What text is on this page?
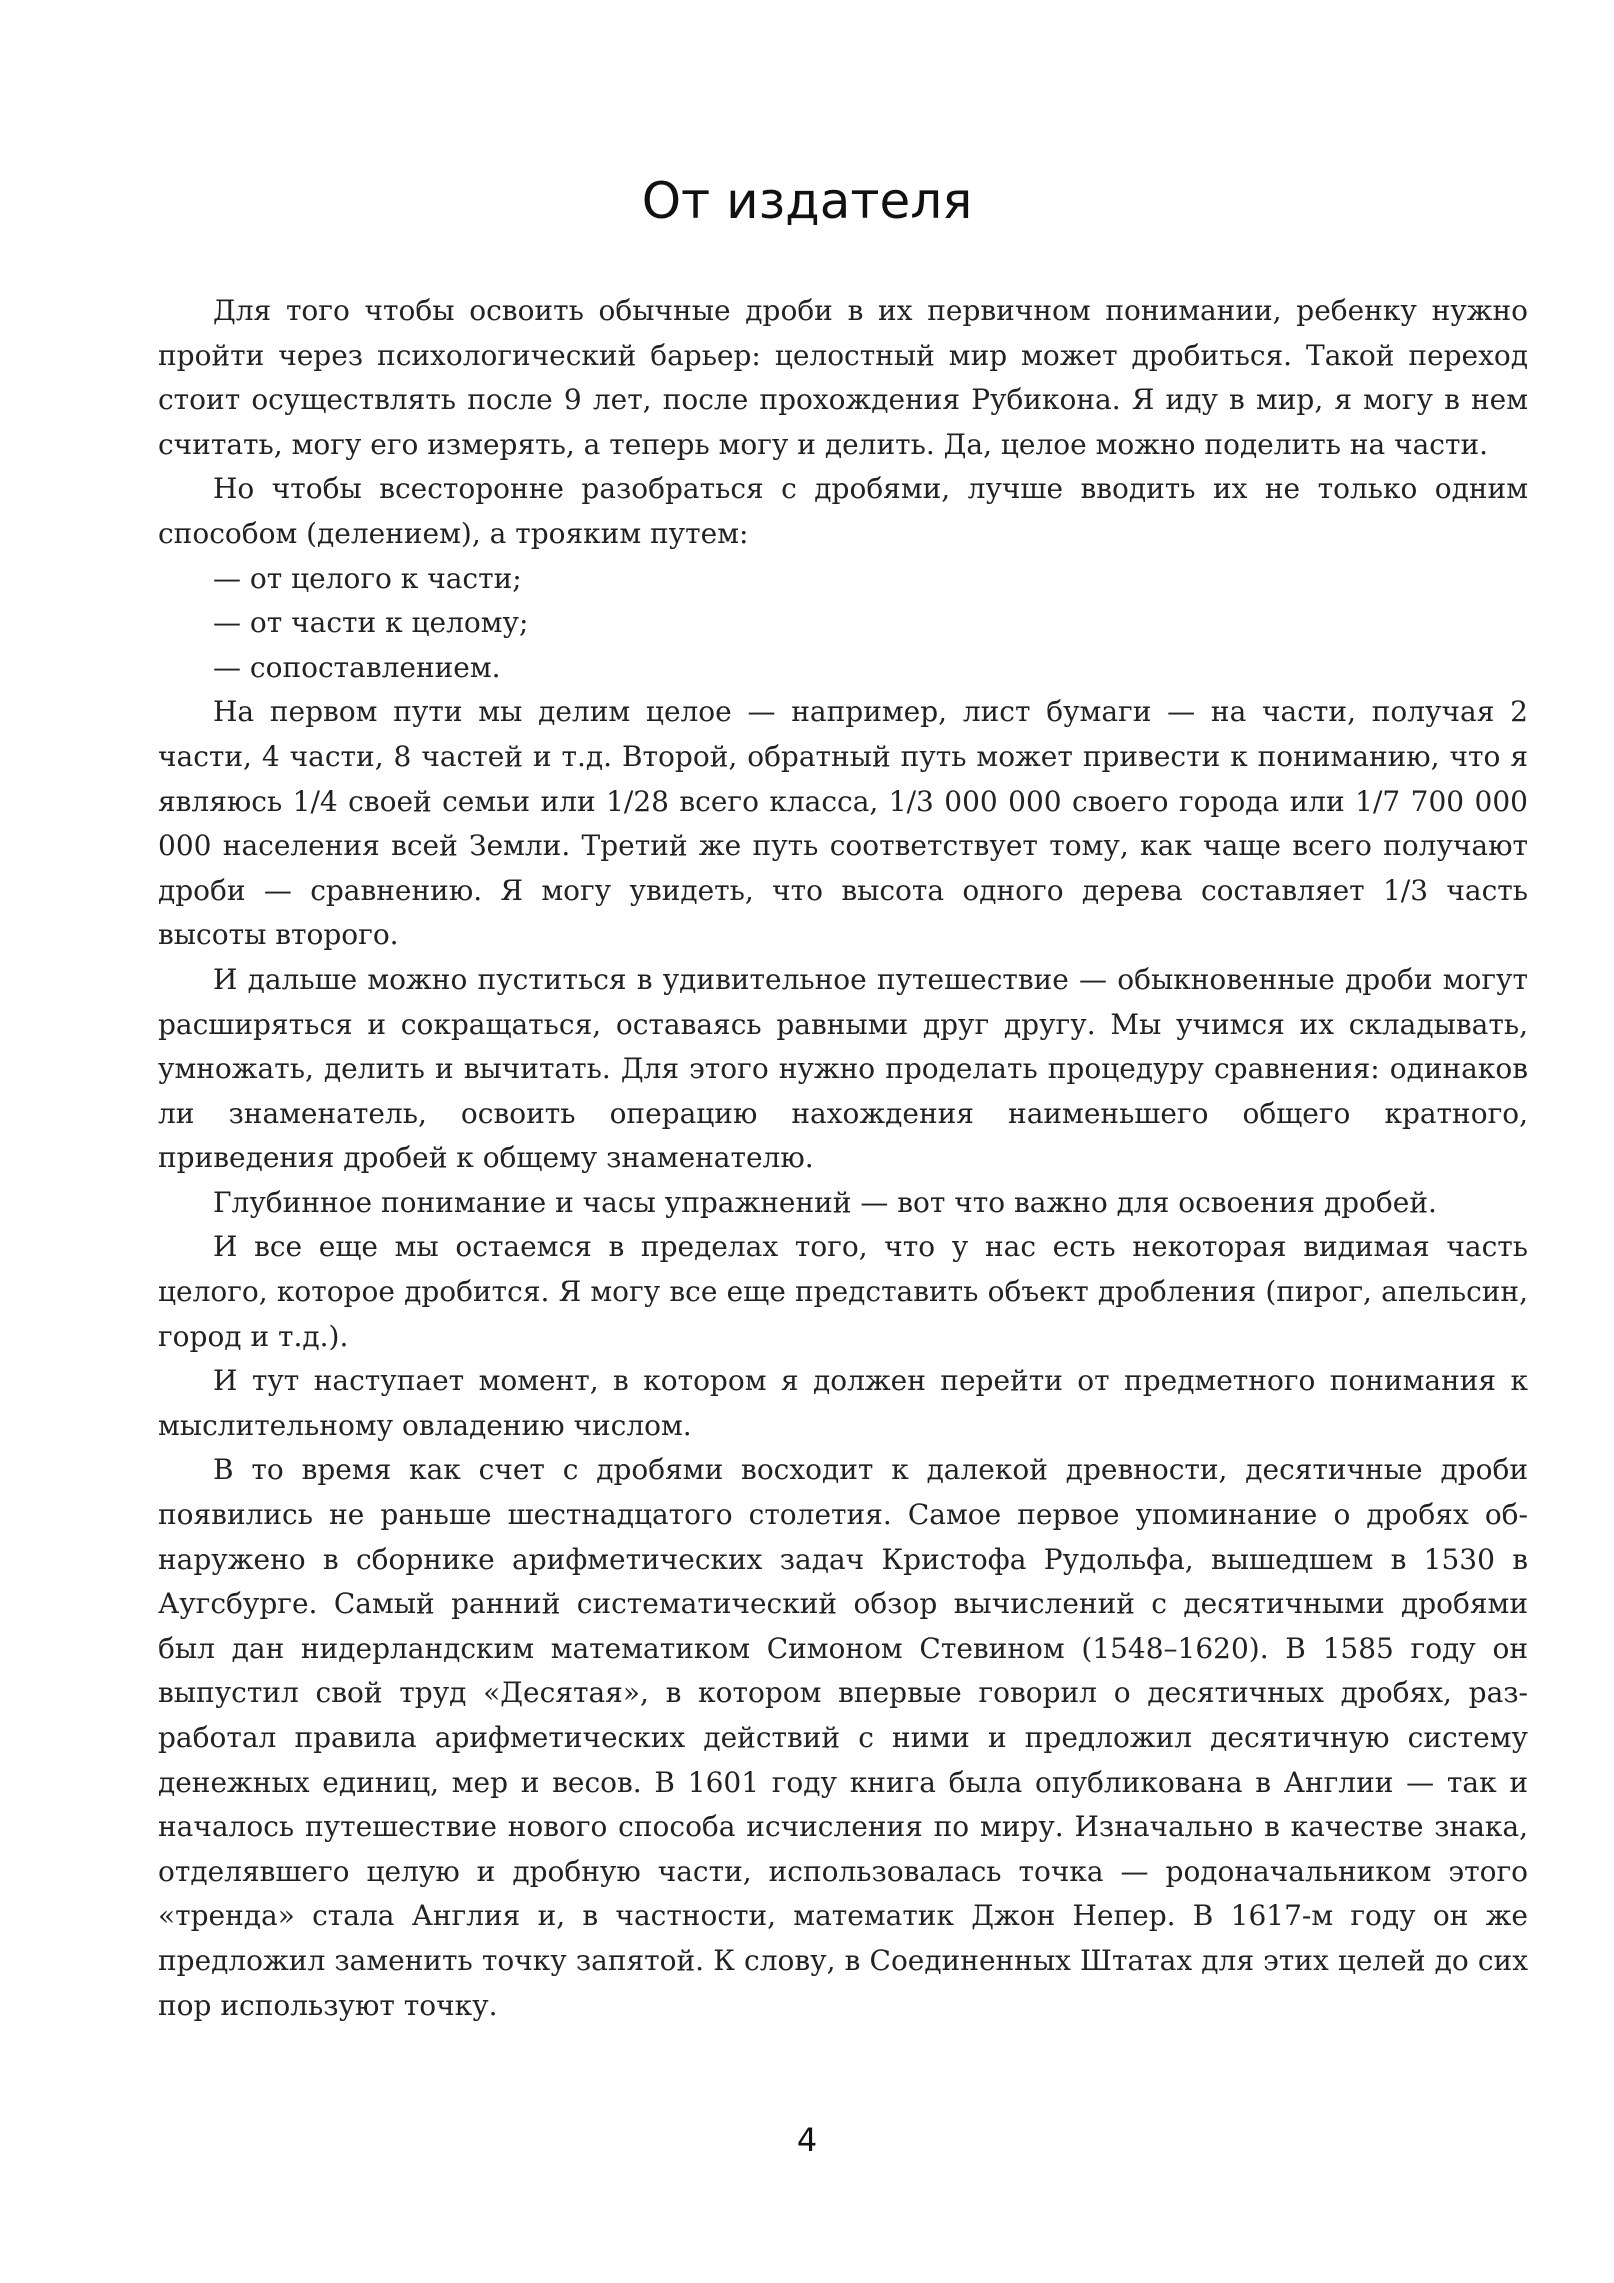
От издателя

Для того чтобы освоить обычные дроби в их первичном понимании, ребенку нужно пройти через психологический барьер: целостный мир может дробиться. Такой переход стоит осуществлять после 9 лет, после прохождения Рубикона. Я иду в мир, я могу в нем считать, могу его измерять, а теперь могу и делить. Да, целое можно поделить на части.

Но чтобы всесторонне разобраться с дробями, лучше вводить их не только одним способом (делением), а трояким путем:

— от целого к части;

— от части к целому;

— сопоставлением.

На первом пути мы делим целое — например, лист бумаги — на части, получая 2 части, 4 части, 8 частей и т.д. Второй, обратный путь может привести к пониманию, что я являюсь 1/4 своей семьи или 1/28 всего класса, 1/3 000 000 своего города или 1/7 700 000 000 населения всей Земли. Третий же путь соответствует тому, как чаще всего получают дроби — сравнению. Я могу увидеть, что высота одного дерева составляет 1/3 часть высоты второго.

И дальше можно пуститься в удивительное путешествие — обыкновенные дроби могут расширяться и сокращаться, оставаясь равными друг другу. Мы учимся их складывать, умножать, делить и вычитать. Для этого нужно проделать процедуру сравнения: одинаков ли знаменатель, освоить операцию нахождения наименьшего общего кратного, приведения дробей к общему знаменателю.

Глубинное понимание и часы упражнений — вот что важно для освоения дробей.

И все еще мы остаемся в пределах того, что у нас есть некоторая видимая часть целого, которое дробится. Я могу все еще представить объект дробления (пирог, апельсин, город и т.д.).

И тут наступает момент, в котором я должен перейти от предметного понимания к мыслительному овладению числом.

В то время как счет с дробями восходит к далекой древности, десятичные дроби появились не раньше шестнадцатого столетия. Самое первое упоминание о дробях обнаружено в сборнике арифметических задач Кристофа Рудольфа, вышедшем в 1530 в Аугсбурге. Самый ранний систематический обзор вычислений с десятичными дробями был дан нидерландским математиком Симоном Стевином (1548–1620). В 1585 году он выпустил свой труд «Десятая», в котором впервые говорил о десятичных дробях, разработал правила арифметических действий с ними и предложил десятичную систему денежных единиц, мер и весов. В 1601 году книга была опубликована в Англии — так и началось путешествие нового способа исчисления по миру. Изначально в качестве знака, отделявшего целую и дробную части, использовалась точка — родоначальником этого «тренда» стала Англия и, в частности, математик Джон Непер. В 1617-м году он же предложил заменить точку запятой. К слову, в Соединенных Штатах для этих целей до сих пор используют точку.

4
